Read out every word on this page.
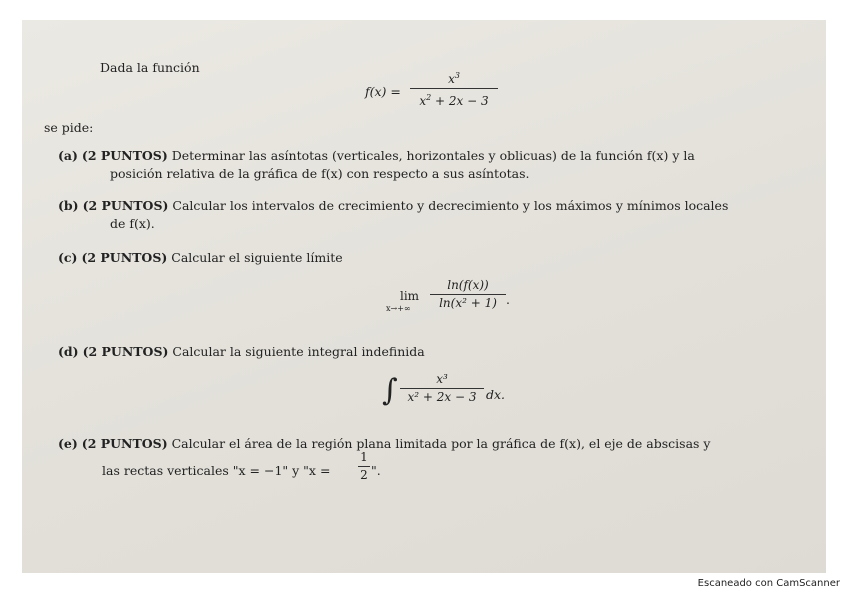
Dada la función
f(x) =
$x^3$
$x^2 + 2x - 3$
se pide:
(a) (2 PUNTOS) Determinar las asíntotas (verticales, horizontales y oblicuas) de la función f(x) y la
posición relativa de la gráfica de f(x) con respecto a sus asíntotas.
(b) (2 PUNTOS) Calcular los intervalos de crecimiento y decrecimiento y los máximos y mínimos locales
de f(x).
(c) (2 PUNTOS) Calcular el siguiente límite
lim
x→+∞
ln(f(x))
ln(x² + 1) .
(d) (2 PUNTOS) Calcular la siguiente integral indefinida
∫	x³
x² + 2x − 3 dx.
(e) (2 PUNTOS) Calcular el área de la región plana limitada por la gráfica de f(x), el eje de abscisas y
las rectas verticales "x = −1" y "x =
1
2 ".
Escaneado con CamScanner
